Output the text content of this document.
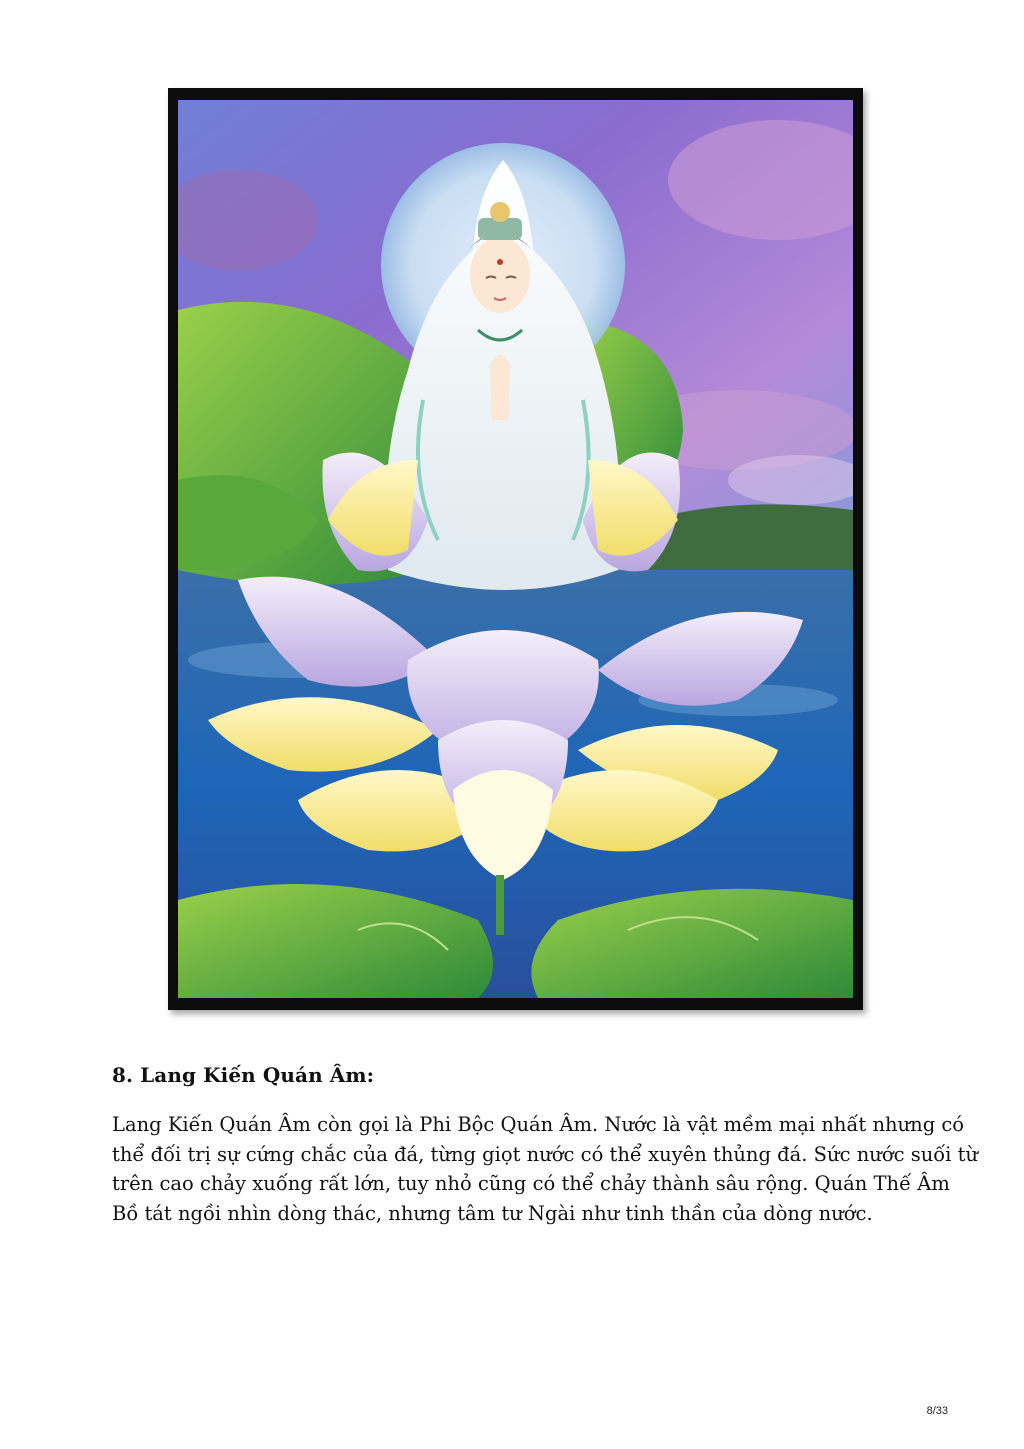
8. Lang Kiến Quán Âm:

Lang Kiến Quán Âm còn gọi là Phi Bộc Quán Âm. Nước là vật mềm mại nhất nhưng có
thể đối trị sự cứng chắc của đá, từng giọt nước có thể xuyên thủng đá. Sức nước suối từ
trên cao chảy xuống rất lớn, tuy nhỏ cũng có thể chảy thành sâu rộng. Quán Thế Âm
Bồ tát ngồi nhìn dòng thác, nhưng tâm tư Ngài như tinh thần của dòng nước.

8/33
